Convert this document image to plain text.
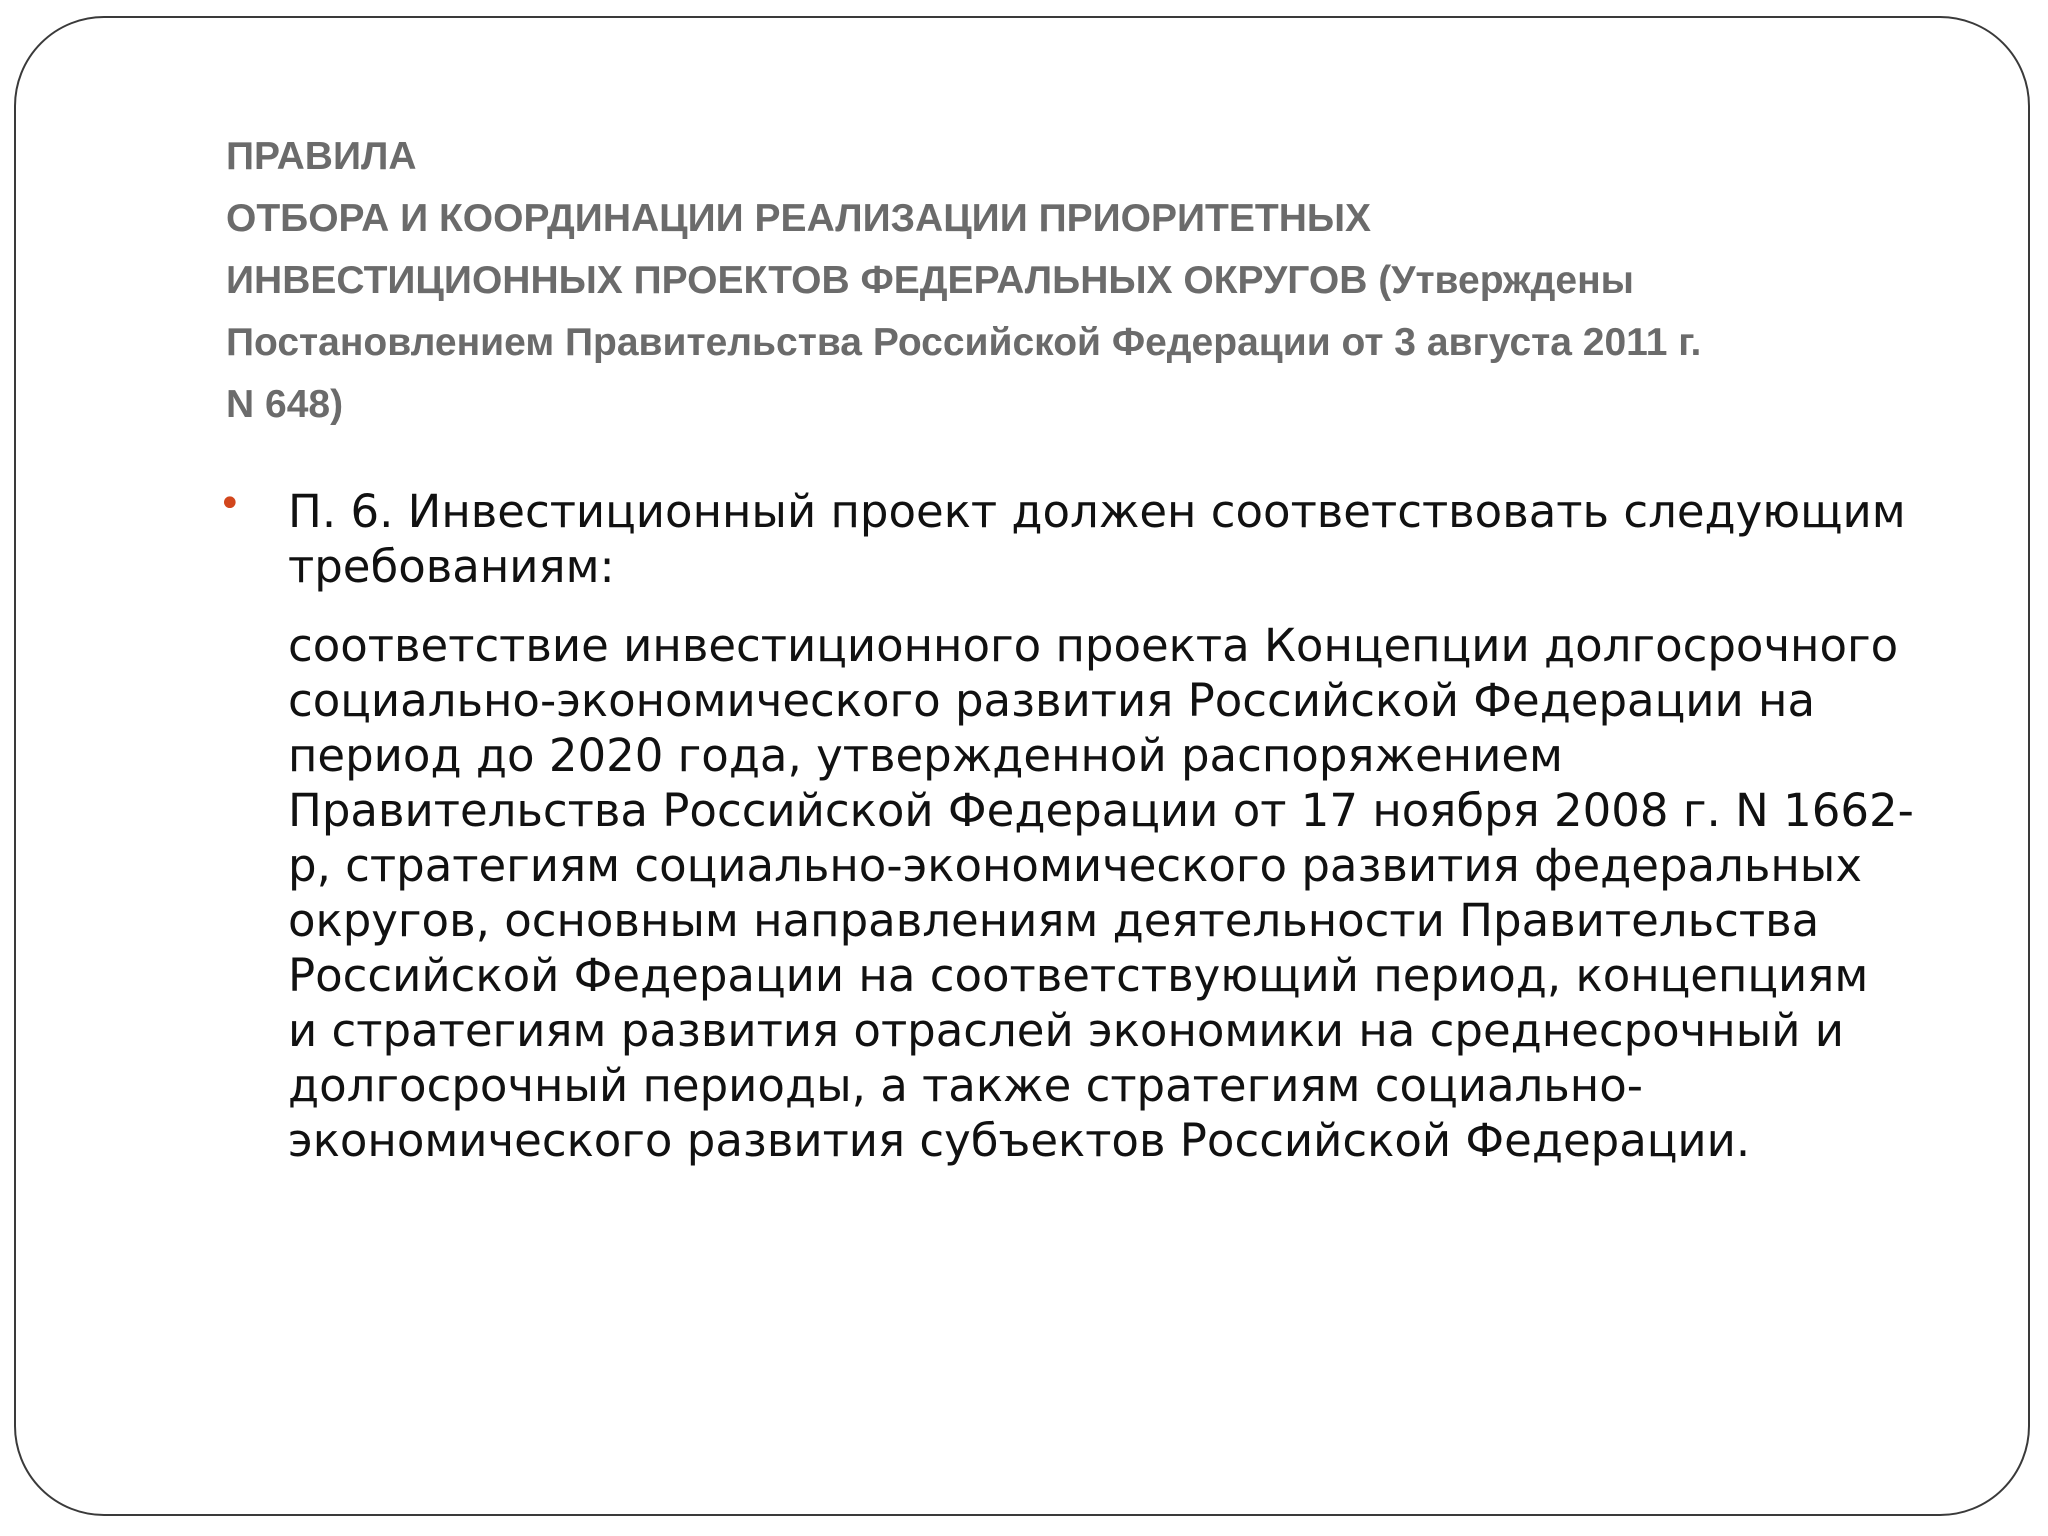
ПРАВИЛА
ОТБОРА И КООРДИНАЦИИ РЕАЛИЗАЦИИ ПРИОРИТЕТНЫХ
ИНВЕСТИЦИОННЫХ ПРОЕКТОВ ФЕДЕРАЛЬНЫХ ОКРУГОВ (Утверждены
Постановлением Правительства Российской Федерации от 3 августа 2011 г.
N 648)
• П. 6. Инвестиционный проект должен соответствовать следующим
требованиям:
соответствие инвестиционного проекта Концепции долгосрочного
социально-экономического развития Российской Федерации на
период до 2020 года, утвержденной распоряжением
Правительства Российской Федерации от 17 ноября 2008 г. N 1662-
р, стратегиям социально-экономического развития федеральных
округов, основным направлениям деятельности Правительства
Российской Федерации на соответствующий период, концепциям
и стратегиям развития отраслей экономики на среднесрочный и
долгосрочный периоды, а также стратегиям социально-
экономического развития субъектов Российской Федерации.
